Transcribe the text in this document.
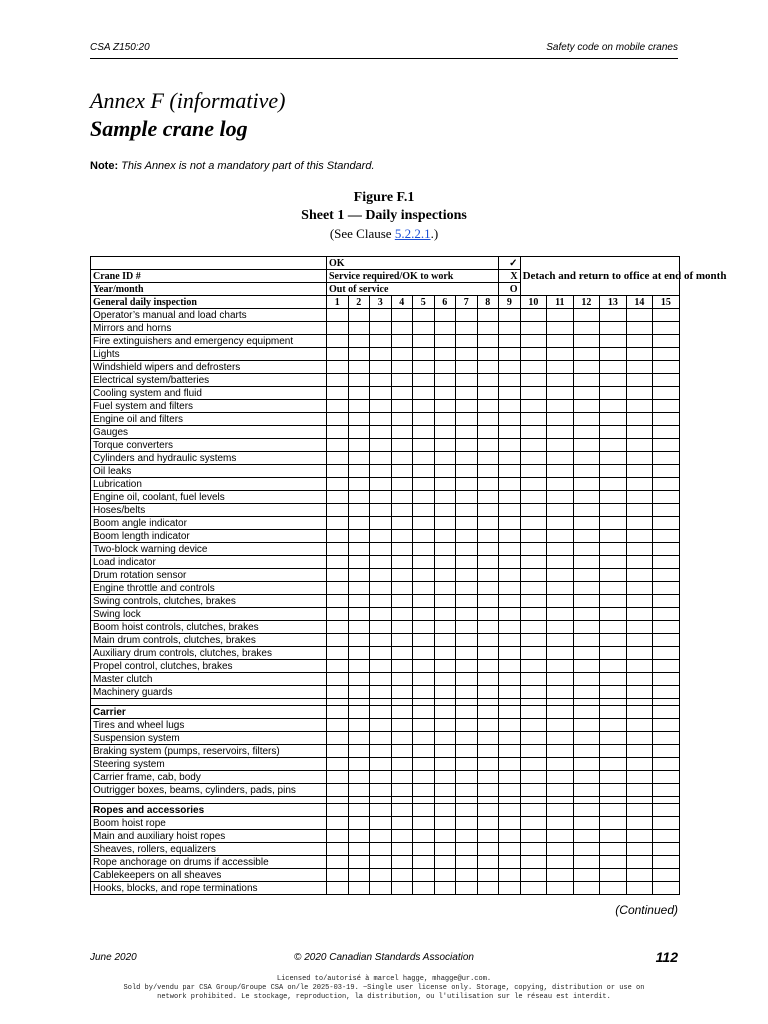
CSA Z150:20	Safety code on mobile cranes
Annex F (informative)
Sample crane log
Note: This Annex is not a mandatory part of this Standard.
Figure F.1
Sheet 1 — Daily inspections
(See Clause 5.2.2.1.)
	OK								✓	Detach and return to office at end of month					
Crane ID #	Service required/OK to work								X						
Year/month	Out of service								O						
General daily inspection	1	2	3	4	5	6	7	8	9	10	11	12	13	14	15
Operator’s manual and load charts															
Mirrors and horns															
Fire extinguishers and emergency equipment															
Lights															
Windshield wipers and defrosters															
Electrical system/batteries															
Cooling system and fluid															
Fuel system and filters															
Engine oil and filters															
Gauges															
Torque converters															
Cylinders and hydraulic systems															
Oil leaks															
Lubrication															
Engine oil, coolant, fuel levels															
Hoses/belts															
Boom angle indicator															
Boom length indicator															
Two-block warning device															
Load indicator															
Drum rotation sensor															
Engine throttle and controls															
Swing controls, clutches, brakes															
Swing lock															
Boom hoist controls, clutches, brakes															
Main drum controls, clutches, brakes															
Auxiliary drum controls, clutches, brakes															
Propel control, clutches, brakes															
Master clutch															
Machinery guards															

Carrier															
Tires and wheel lugs															
Suspension system															
Braking system (pumps, reservoirs, filters)															
Steering system															
Carrier frame, cab, body															
Outrigger boxes, beams, cylinders, pads, pins															

Ropes and accessories															
Boom hoist rope															
Main and auxiliary hoist ropes															
Sheaves, rollers, equalizers															
Rope anchorage on drums if accessible															
Cablekeepers on all sheaves															
Hooks, blocks, and rope terminations															
(Continued)
June 2020	© 2020 Canadian Standards Association	112
Licensed to/autorisé à marcel hagge, mhagge@ur.com.
Sold by/vendu par CSA Group/Groupe CSA on/le 2025-03-19. ~Single user license only. Storage, copying, distribution or use on
network prohibited. Le stockage, reproduction, la distribution, ou l'utilisation sur le réseau est interdit.
